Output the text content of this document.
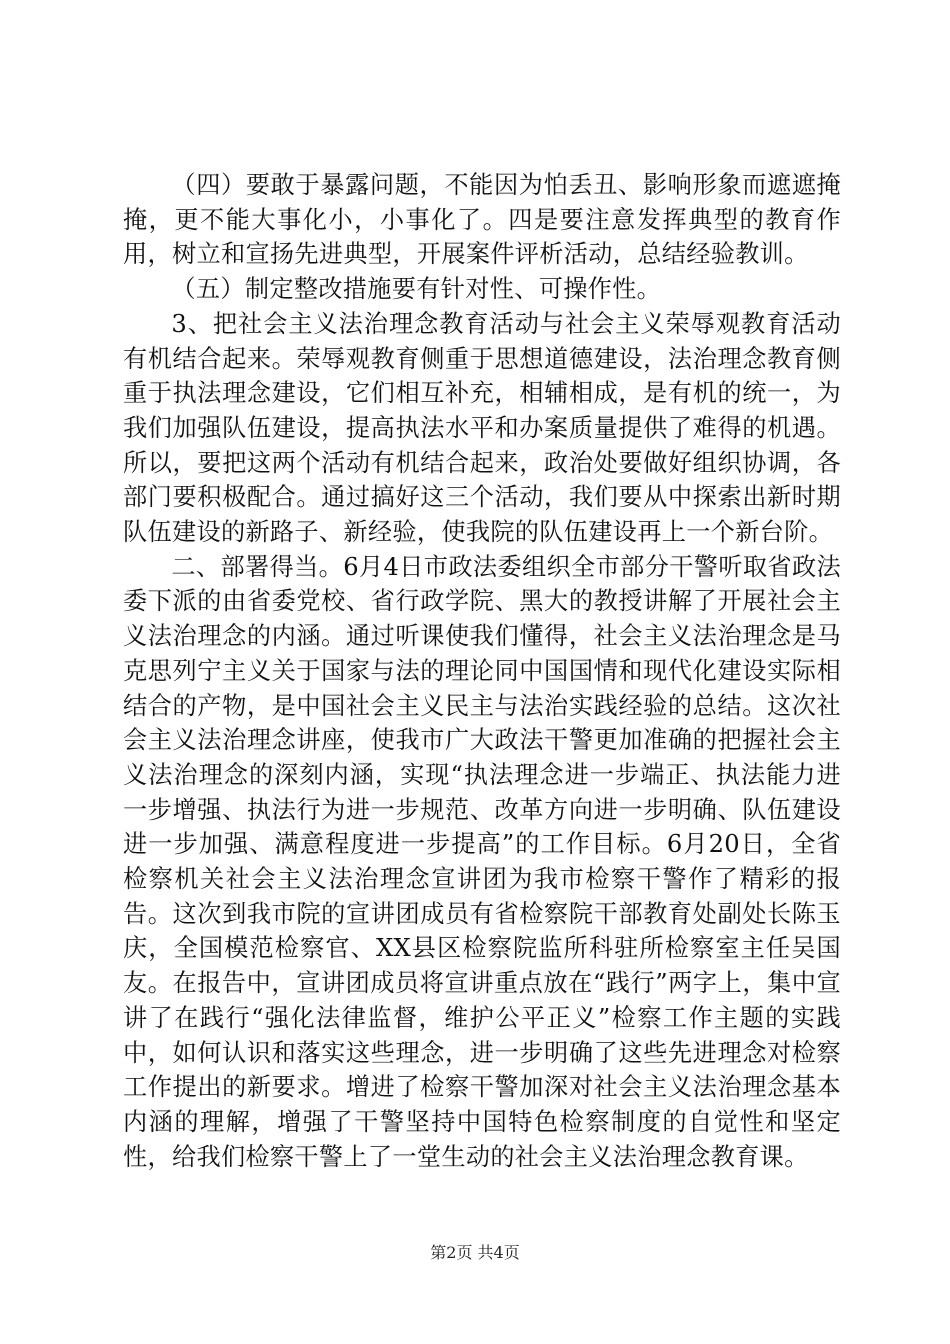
（四）要敢于暴露问题，不能因为怕丢丑、影响形象而遮遮掩掩，更不能大事化小，小事化了。四是要注意发挥典型的教育作用，树立和宣扬先进典型，开展案件评析活动，总结经验教训。

（五）制定整改措施要有针对性、可操作性。

3、把社会主义法治理念教育活动与社会主义荣辱观教育活动有机结合起来。荣辱观教育侧重于思想道德建设，法治理念教育侧重于执法理念建设，它们相互补充，相辅相成，是有机的统一，为我们加强队伍建设，提高执法水平和办案质量提供了难得的机遇。所以，要把这两个活动有机结合起来，政治处要做好组织协调，各部门要积极配合。通过搞好这三个活动，我们要从中探索出新时期队伍建设的新路子、新经验，使我院的队伍建设再上一个新台阶。

二、部署得当。6月4日市政法委组织全市部分干警听取省政法委下派的由省委党校、省行政学院、黑大的教授讲解了开展社会主义法治理念的内涵。通过听课使我们懂得，社会主义法治理念是马克思列宁主义关于国家与法的理论同中国国情和现代化建设实际相结合的产物，是中国社会主义民主与法治实践经验的总结。这次社会主义法治理念讲座，使我市广大政法干警更加准确的把握社会主义法治理念的深刻内涵，实现“执法理念进一步端正、执法能力进一步增强、执法行为进一步规范、改革方向进一步明确、队伍建设进一步加强、满意程度进一步提高”的工作目标。6月20日，全省检察机关社会主义法治理念宣讲团为我市检察干警作了精彩的报告。这次到我市院的宣讲团成员有省检察院干部教育处副处长陈玉庆，全国模范检察官、XX县区检察院监所科驻所检察室主任吴国友。在报告中，宣讲团成员将宣讲重点放在“践行”两字上，集中宣讲了在践行“强化法律监督，维护公平正义”检察工作主题的实践中，如何认识和落实这些理念，进一步明确了这些先进理念对检察工作提出的新要求。增进了检察干警加深对社会主义法治理念基本内涵的理解，增强了干警坚持中国特色检察制度的自觉性和坚定性，给我们检察干警上了一堂生动的社会主义法治理念教育课。

第2页 共4页
